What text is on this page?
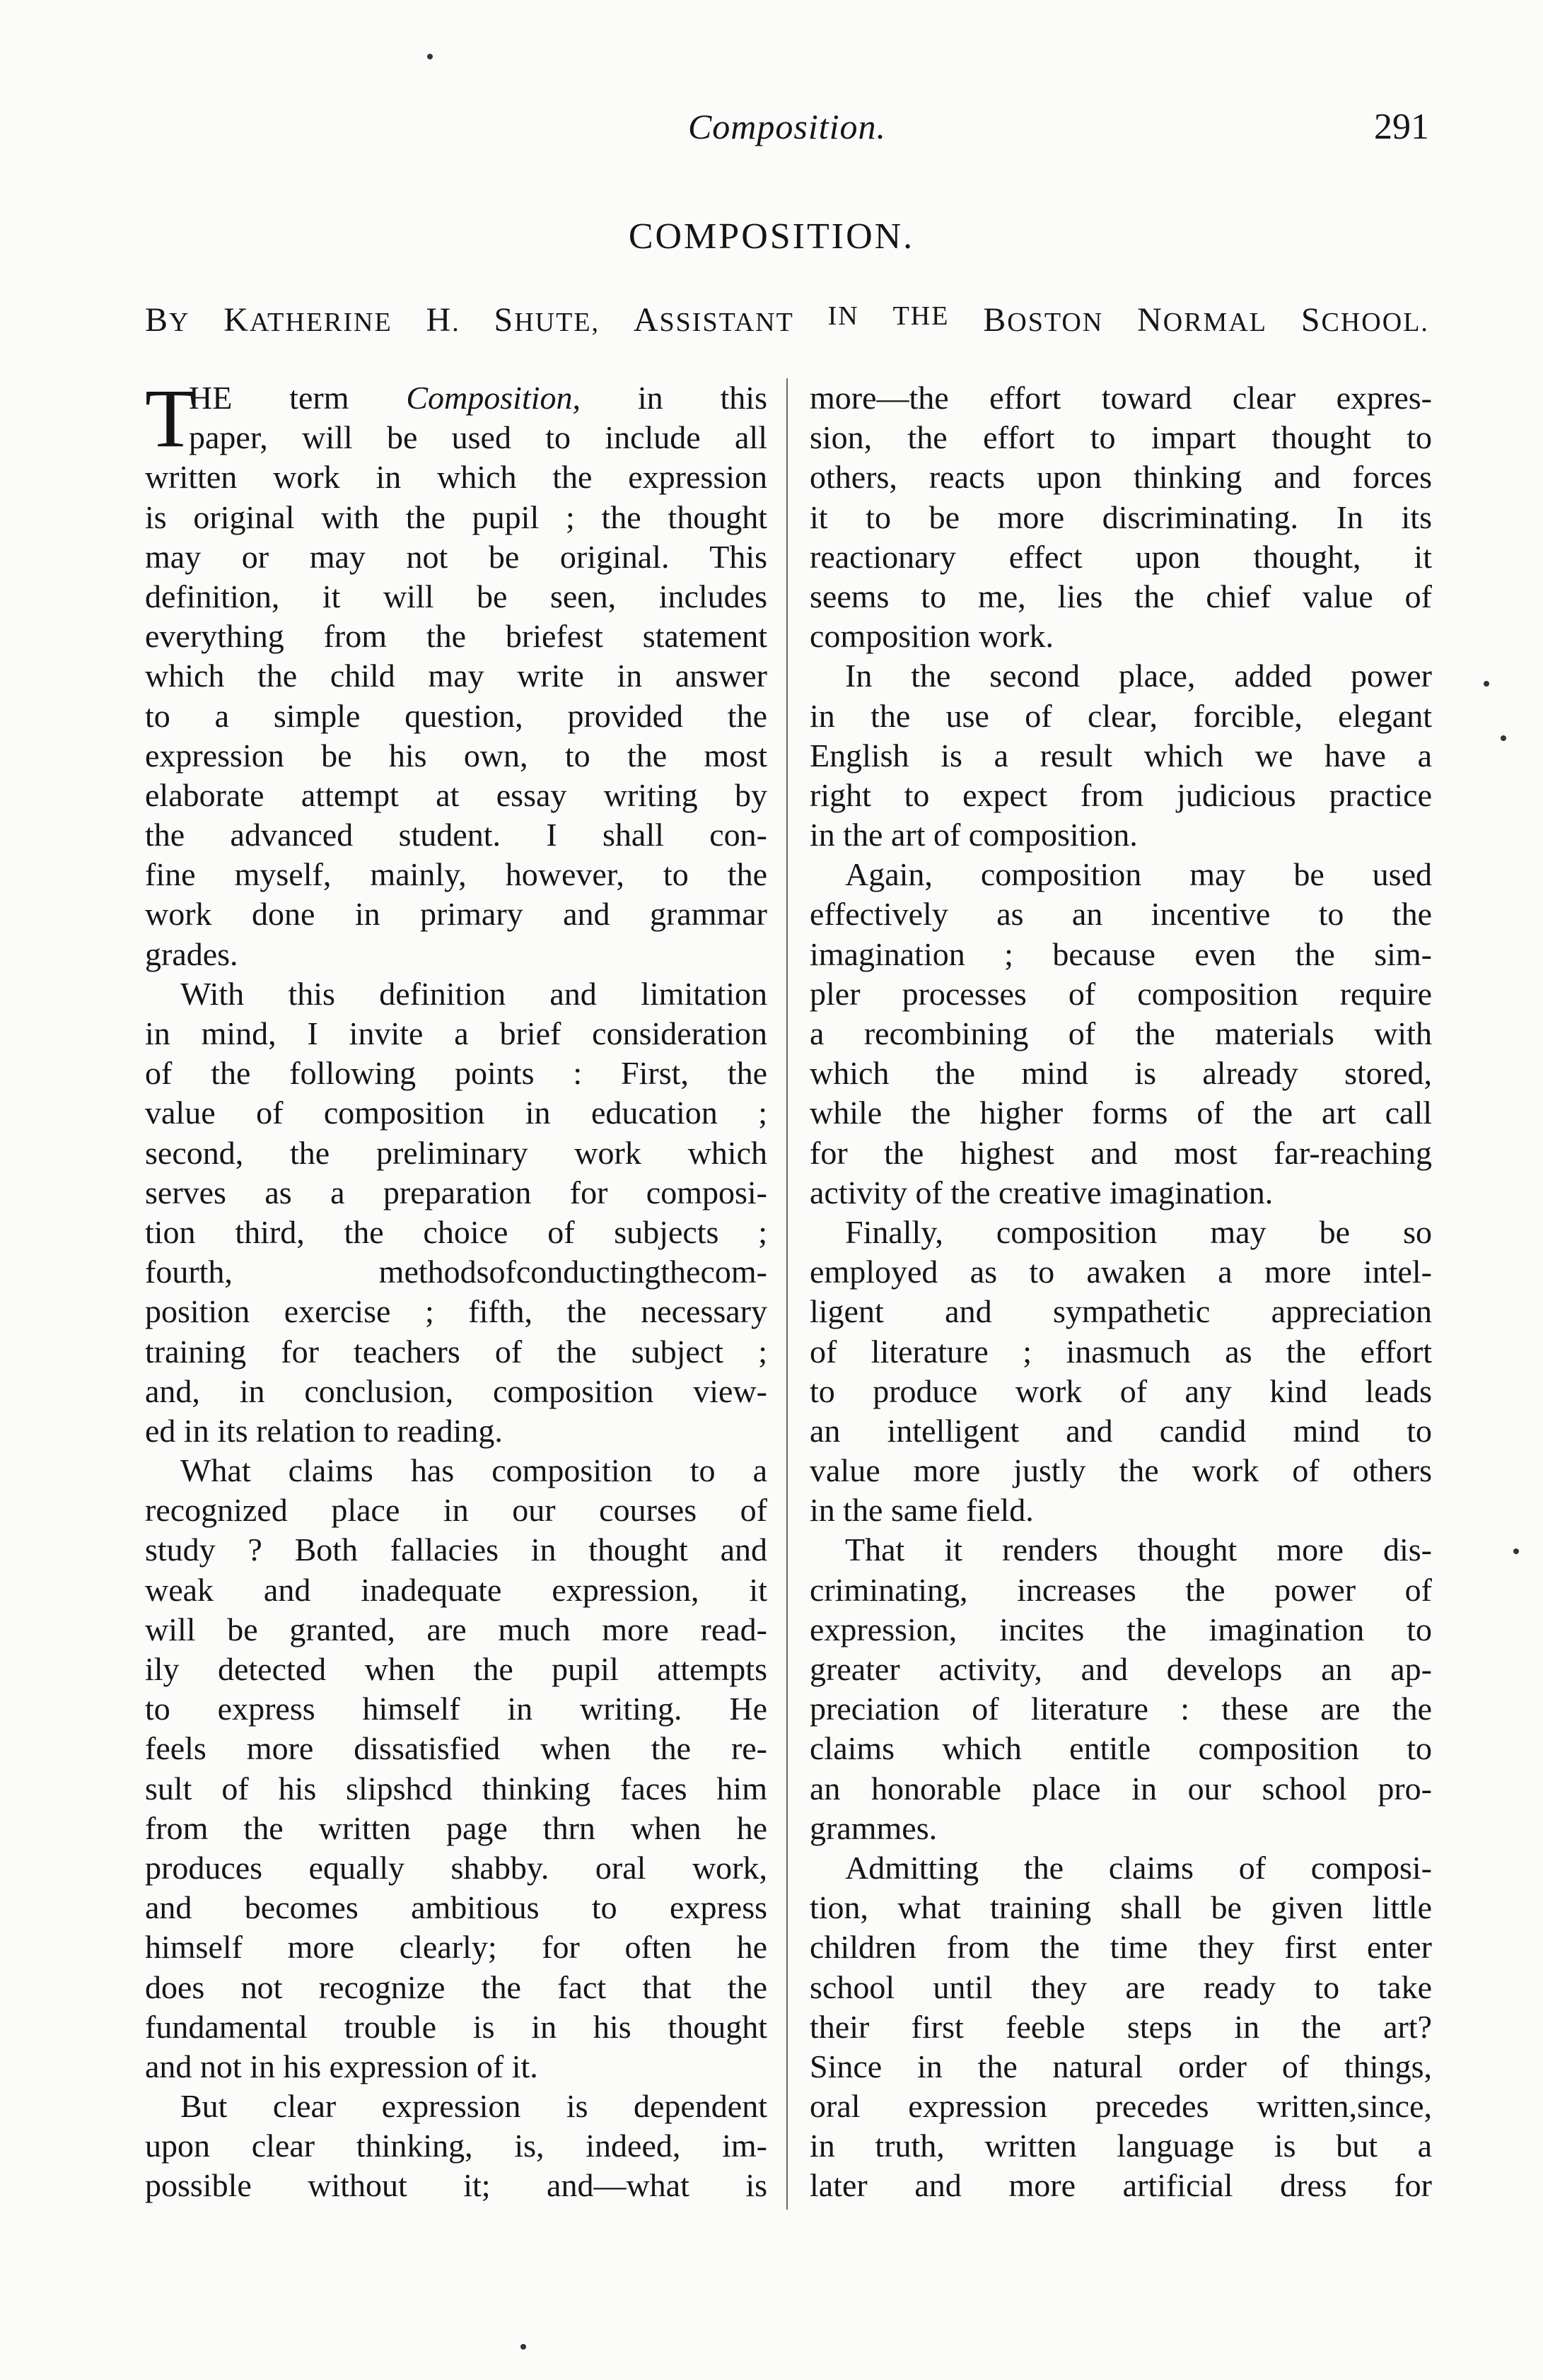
Composition.	291
COMPOSITION.
BY KATHERINE H. SHUTE, ASSISTANT IN THE BOSTON NORMAL SCHOOL.
T
HE term Composition, in this
paper, will be used to include all
written work in which the expression
is original with the pupil ; the thought
may or may not be original. This
definition, it will be seen, includes
everything from the briefest statement
which the child may write in answer
to a simple question, provided the
expression be his own, to the most
elaborate attempt at essay writing by
the advanced student. I shall con-
fine myself, mainly, however, to the
work done in primary and grammar
grades.
With this definition and limitation
in mind, I invite a brief consideration
of the following points : First, the
value of composition in education ;
second, the preliminary work which
serves as a preparation for composi-
tion third, the choice of subjects ;
fourth, methodsofconductingthecom-
position exercise ; fifth, the necessary
training for teachers of the subject ;
and, in conclusion, composition view-
ed in its relation to reading.
What claims has composition to a
recognized place in our courses of
study ? Both fallacies in thought and
weak and inadequate expression, it
will be granted, are much more read-
ily detected when the pupil attempts
to express himself in writing. He
feels more dissatisfied when the re-
sult of his slipshcd thinking faces him
from the written page thrn when he
produces equally shabby. oral work,
and becomes ambitious to express
himself more clearly; for often he
does not recognize the fact that the
fundamental trouble is in his thought
and not in his expression of it.
But clear expression is dependent
upon clear thinking, is, indeed, im-
possible without it; and—what is
more—the effort toward clear expres-
sion, the effort to impart thought to
others, reacts upon thinking and forces
it to be more discriminating. In its
reactionary effect upon thought, it
seems to me, lies the chief value of
composition work.
In the second place, added power
in the use of clear, forcible, elegant
English is a result which we have a
right to expect from judicious practice
in the art of composition.
Again, composition may be used
effectively as an incentive to the
imagination ; because even the sim-
pler processes of composition require
a recombining of the materials with
which the mind is already stored,
while the higher forms of the art call
for the highest and most far-reaching
activity of the creative imagination.
Finally, composition may be so
employed as to awaken a more intel-
ligent and sympathetic appreciation
of literature ; inasmuch as the effort
to produce work of any kind leads
an intelligent and candid mind to
value more justly the work of others
in the same field.
That it renders thought more dis-
criminating, increases the power of
expression, incites the imagination to
greater activity, and develops an ap-
preciation of literature : these are the
claims which entitle composition to
an honorable place in our school pro-
grammes.
Admitting the claims of composi-
tion, what training shall be given little
children from the time they first enter
school until they are ready to take
their first feeble steps in the art?
Since in the natural order of things,
oral expression precedes written,since,
in truth, written language is but a
later and more artificial dress for
